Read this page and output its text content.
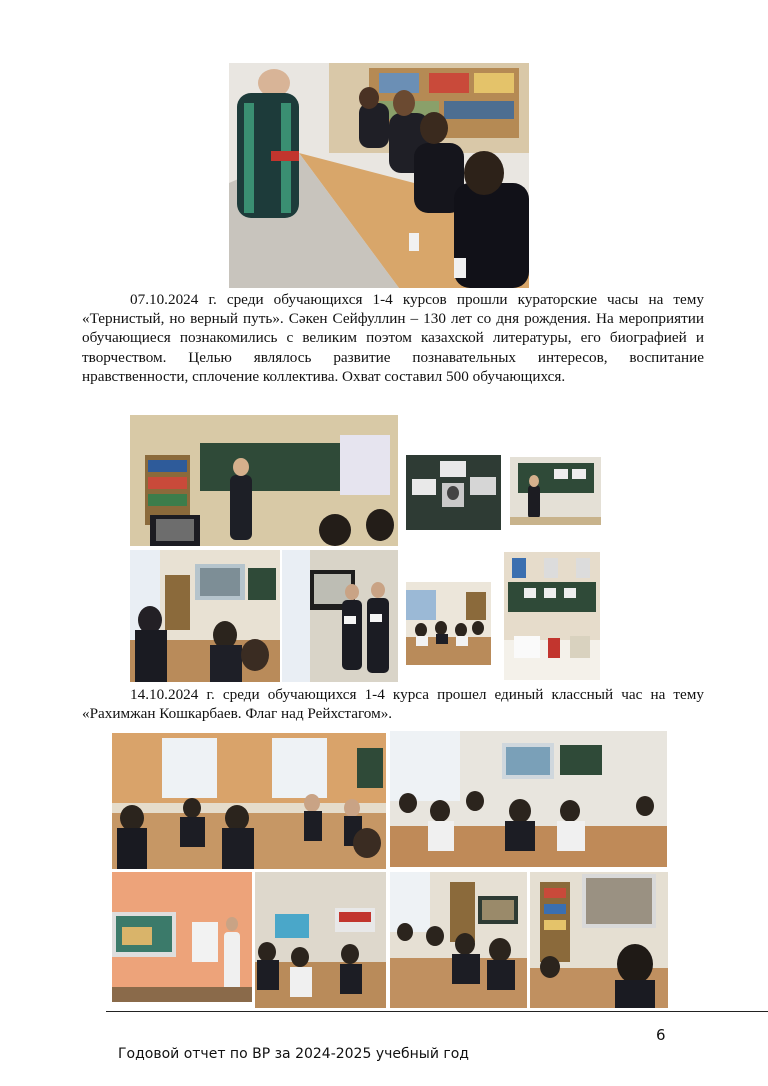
07.10.2024 г. среди обучающихся 1-4 курсов прошли кураторские часы на тему «Тернистый, но верный путь». Сәкен Сейфуллин – 130 лет со дня рождения. На мероприятии обучающиеся познакомились с великим поэтом казахской литературы, его биографией и творчеством. Целью являлось развитие познавательных интересов, воспитание нравственности, сплочение коллектива. Охват составил 500 обучающихся.

14.10.2024 г. среди обучающихся 1-4 курса прошел единый классный час на тему «Рахимжан Кошкарбаев. Флаг над Рейхстагом».

6
Годовой отчет по ВР за 2024-2025 учебный год
